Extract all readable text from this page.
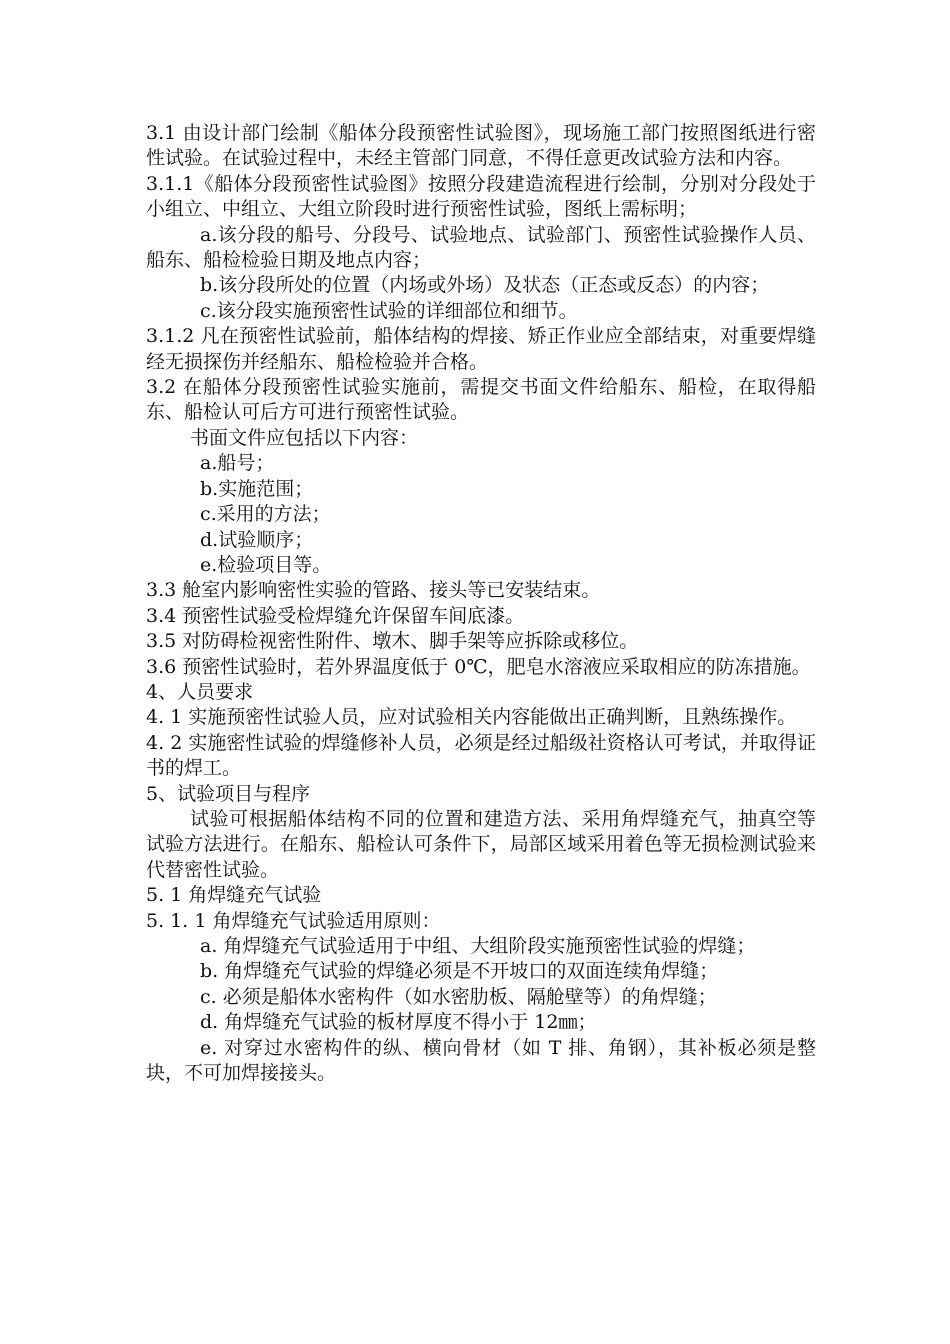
3.1 由设计部门绘制《船体分段预密性试验图》，现场施工部门按照图纸进行密性试验。在试验过程中，未经主管部门同意，不得任意更改试验方法和内容。

3.1.1《船体分段预密性试验图》按照分段建造流程进行绘制，分别对分段处于小组立、中组立、大组立阶段时进行预密性试验，图纸上需标明；

a.该分段的船号、分段号、试验地点、试验部门、预密性试验操作人员、船东、船检检验日期及地点内容；

b.该分段所处的位置（内场或外场）及状态（正态或反态）的内容；

c.该分段实施预密性试验的详细部位和细节。

3.1.2 凡在预密性试验前，船体结构的焊接、矫正作业应全部结束，对重要焊缝经无损探伤并经船东、船检检验并合格。

3.2 在船体分段预密性试验实施前，需提交书面文件给船东、船检，在取得船东、船检认可后方可进行预密性试验。

书面文件应包括以下内容：

a.船号；

b.实施范围；

c.采用的方法；

d.试验顺序；

e.检验项目等。

3.3 舱室内影响密性实验的管路、接头等已安装结束。

3.4 预密性试验受检焊缝允许保留车间底漆。

3.5 对防碍检视密性附件、墩木、脚手架等应拆除或移位。

3.6 预密性试验时，若外界温度低于 0℃，肥皂水溶液应采取相应的防冻措施。

4、人员要求

4. 1 实施预密性试验人员，应对试验相关内容能做出正确判断，且熟练操作。

4. 2 实施密性试验的焊缝修补人员，必须是经过船级社资格认可考试，并取得证书的焊工。

5、试验项目与程序

试验可根据船体结构不同的位置和建造方法、采用角焊缝充气，抽真空等试验方法进行。在船东、船检认可条件下，局部区域采用着色等无损检测试验来代替密性试验。

5. 1 角焊缝充气试验

5. 1. 1 角焊缝充气试验适用原则：

a. 角焊缝充气试验适用于中组、大组阶段实施预密性试验的焊缝；

b. 角焊缝充气试验的焊缝必须是不开坡口的双面连续角焊缝；

c. 必须是船体水密构件（如水密肋板、隔舱壁等）的角焊缝；

d. 角焊缝充气试验的板材厚度不得小于 12㎜；

e. 对穿过水密构件的纵、横向骨材（如 T 排、角钢），其补板必须是整块，不可加焊接接头。
